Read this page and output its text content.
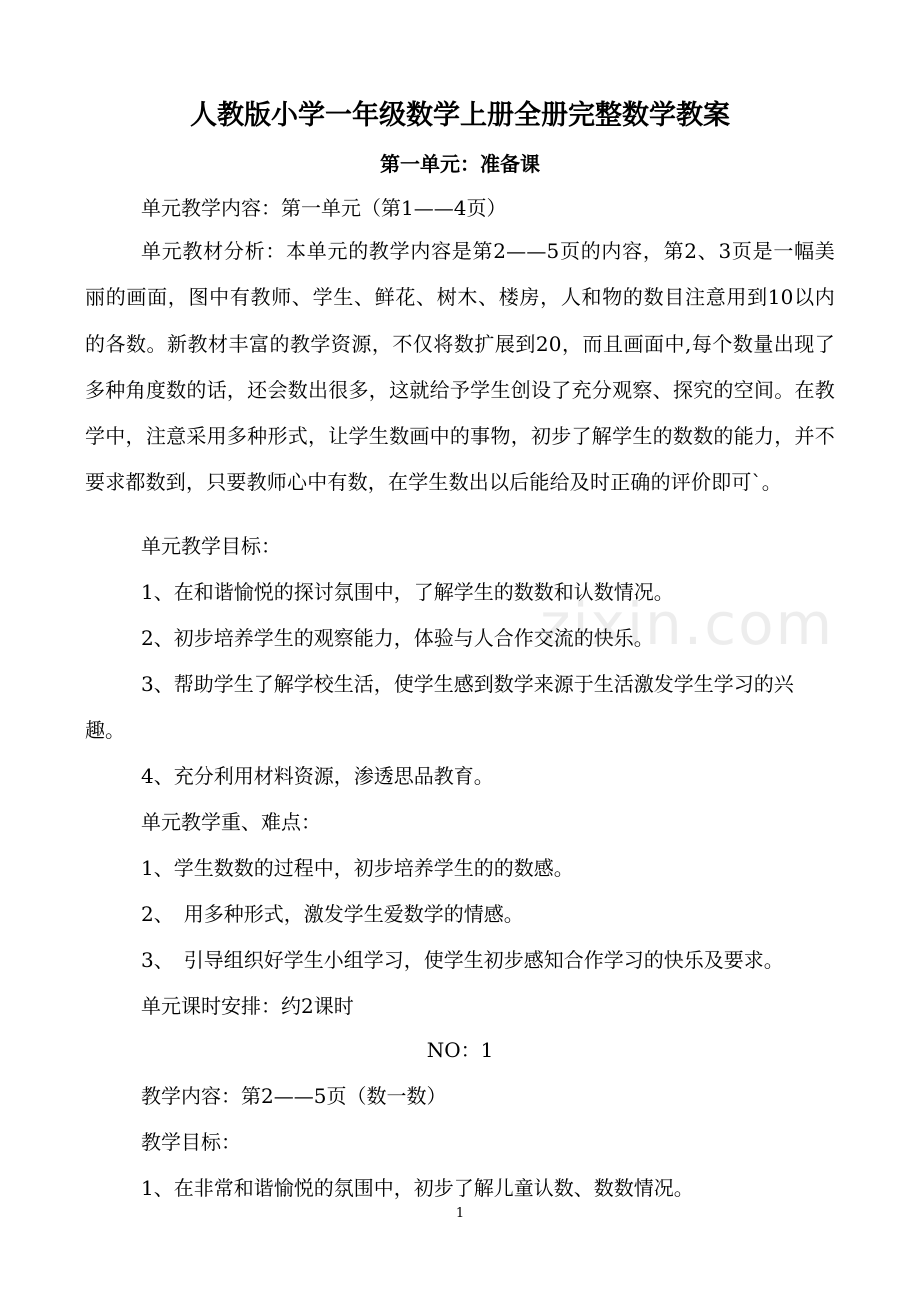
zixin.com
人教版小学一年级数学上册全册完整数学教案
第一单元：准备课

单元教学内容：第一单元（第1——4页）

单元教材分析：本单元的教学内容是第2——5页的内容，第2、3页是一幅美丽的画面，图中有教师、学生、鲜花、树木、楼房，人和物的数目注意用到10以内的各数。新教材丰富的教学资源，不仅将数扩展到20，而且画面中,每个数量出现了多种角度数的话，还会数出很多，这就给予学生创设了充分观察、探究的空间。在教学中，注意采用多种形式，让学生数画中的事物，初步了解学生的数数的能力，并不要求都数到，只要教师心中有数，在学生数出以后能给及时正确的评价即可`。

单元教学目标：

1、在和谐愉悦的探讨氛围中，了解学生的数数和认数情况。

2、初步培养学生的观察能力，体验与人合作交流的快乐。

3、帮助学生了解学校生活，使学生感到数学来源于生活激发学生学习的兴

趣。

4、充分利用材料资源，渗透思品教育。

单元教学重、难点：

1、学生数数的过程中，初步培养学生的的数感。

2、　用多种形式，激发学生爱数学的情感。

3、　引导组织好学生小组学习，使学生初步感知合作学习的快乐及要求。

单元课时安排：约2课时

NO：1

教学内容：第2——5页（数一数）

教学目标：

1、在非常和谐愉悦的氛围中，初步了解儿童认数、数数情况。

1
